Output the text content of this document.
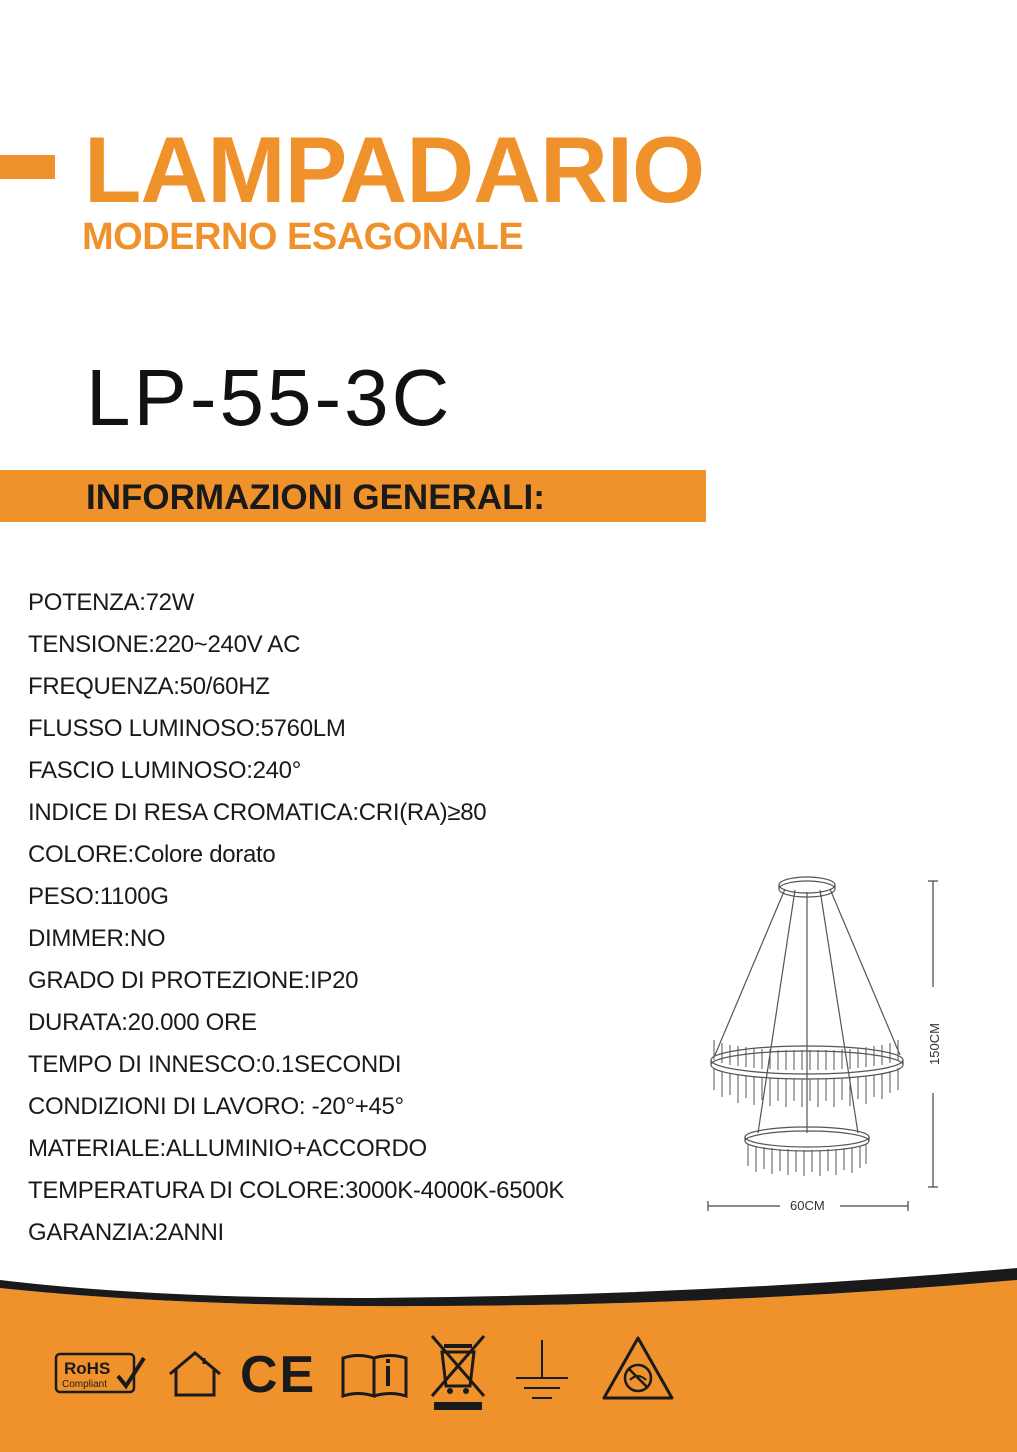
LAMPADARIO
MODERNO ESAGONALE
LP-55-3C
INFORMAZIONI GENERALI:
POTENZA:72W
TENSIONE:220~240V AC
FREQUENZA:50/60HZ
FLUSSO LUMINOSO:5760LM
FASCIO LUMINOSO:240°
INDICE DI RESA CROMATICA:CRI(RA)≥80
COLORE:Colore dorato
PESO:1100G
DIMMER:NO
GRADO DI PROTEZIONE:IP20
DURATA:20.000 ORE
TEMPO DI INNESCO:0.1SECONDI
CONDIZIONI DI LAVORO: -20°+45°
MATERIALE:ALLUMINIO+ACCORDO
TEMPERATURA DI COLORE:3000K-4000K-6500K
GARANZIA:2ANNI
150CM
60CM
RoHS
Compliant	CE
